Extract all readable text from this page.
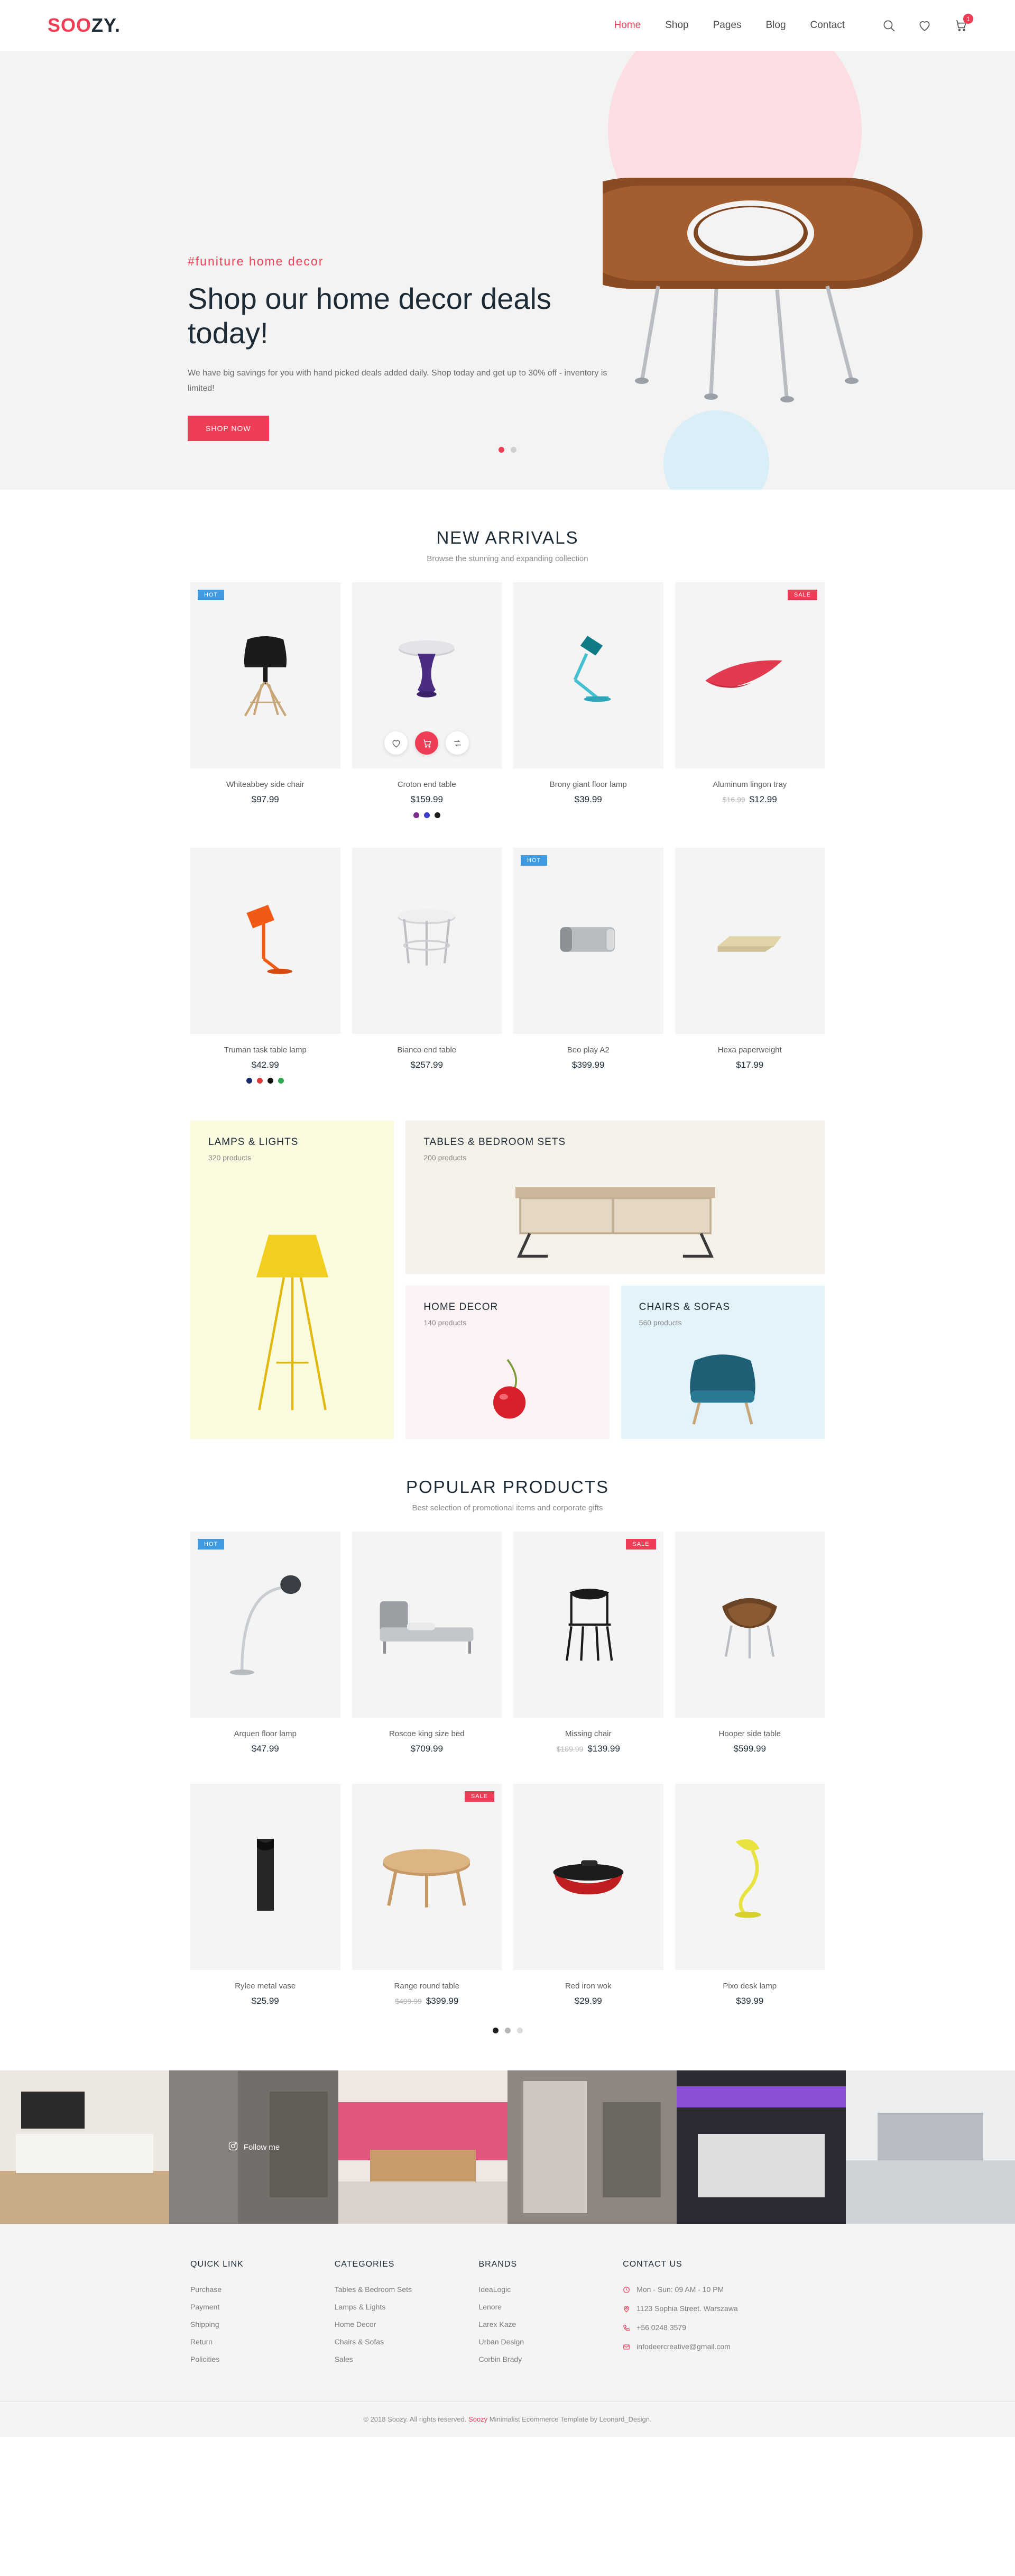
SOOZY.	Home Shop Pages Blog Contact
1
#funiture home decor
Shop our home decor deals today!

We have big savings for you with hand picked deals added daily. Shop today and get up to 30% off - inventory is limited!

SHOP NOW
NEW ARRIVALS
Browse the stunning and expanding collection
HOT
Whiteabbey side chair
$97.99
Croton end table
$159.99
Brony giant floor lamp
$39.99
SALE
Aluminum lingon tray
$16.99 $12.99
Truman task table lamp
$42.99
Bianco end table
$257.99
HOT
Beo play A2
$399.99
Hexa paperweight
$17.99
LAMPS & LIGHTS
320 products
TABLES & BEDROOM SETS
200 products
HOME DECOR
140 products
CHAIRS & SOFAS
560 products
POPULAR PRODUCTS
Best selection of promotional items and corporate gifts
HOT
Arquen floor lamp
$47.99
Roscoe king size bed
$709.99
SALE
Missing chair
$189.99 $139.99
Hooper side table
$599.99
Rylee metal vase
$25.99
SALE
Range round table
$499.99 $399.99
Red iron wok
$29.99
Pixo desk lamp
$39.99
Follow me
QUICK LINK
Purchase
Payment
Shipping
Return
Policities
CATEGORIES
Tables & Bedroom Sets
Lamps & Lights
Home Decor
Chairs & Sofas
Sales
BRANDS
IdeaLogic
Lenore
Larex Kaze
Urban Design
Corbin Brady
CONTACT US
Mon - Sun: 09 AM - 10 PM
1123 Sophia Street. Warszawa
+56 0248 3579
infodeercreative@gmail.com
© 2018 Soozy. All rights reserved. Soozy Minimalist Ecommerce Template by Leonard_Design.
